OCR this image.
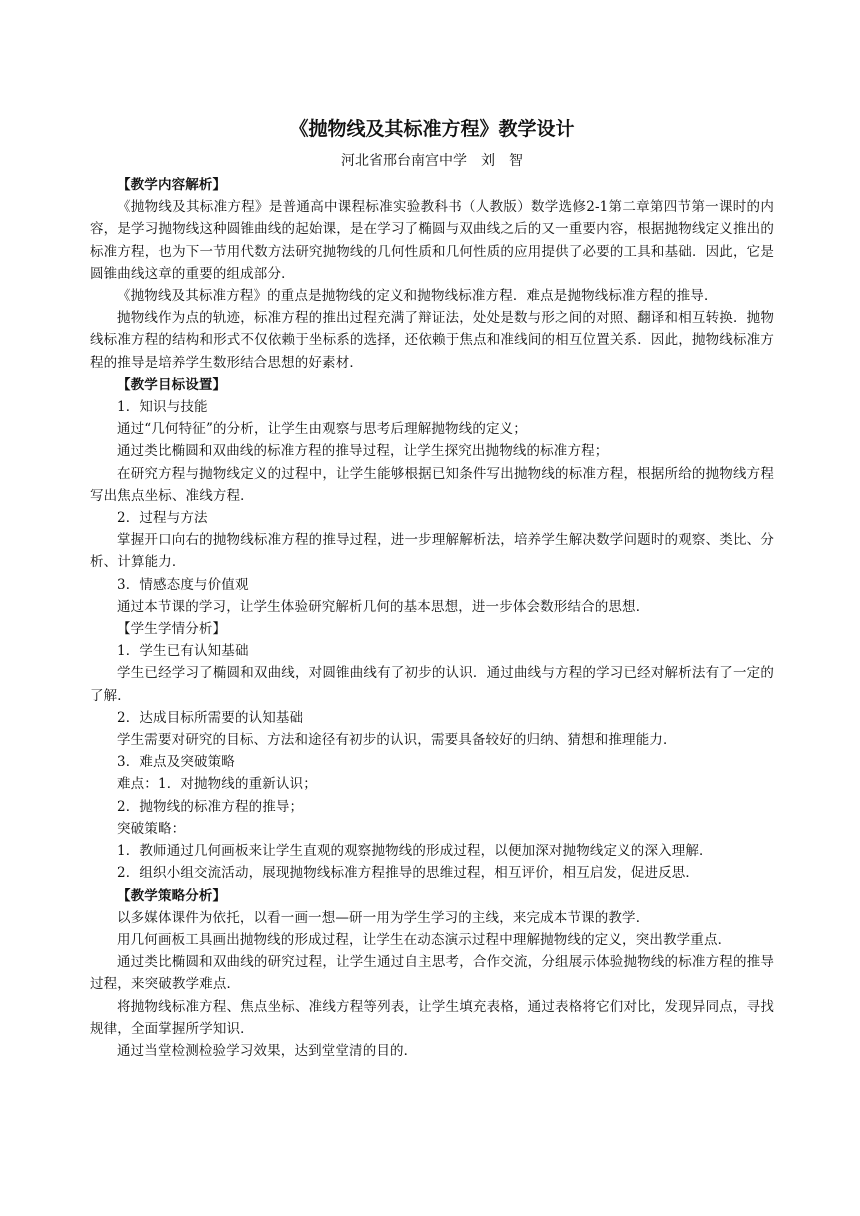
《抛物线及其标准方程》教学设计
河北省邢台南宫中学　刘　智

【教学内容解析】

《抛物线及其标准方程》是普通高中课程标准实验教科书（人教版）数学选修2-1第二章第四节第一课时的内容，是学习抛物线这种圆锥曲线的起始课，是在学习了椭圆与双曲线之后的又一重要内容，根据抛物线定义推出的标准方程，也为下一节用代数方法研究抛物线的几何性质和几何性质的应用提供了必要的工具和基础．因此，它是圆锥曲线这章的重要的组成部分．

《抛物线及其标准方程》的重点是抛物线的定义和抛物线标准方程．难点是抛物线标准方程的推导．

抛物线作为点的轨迹，标准方程的推出过程充满了辩证法，处处是数与形之间的对照、翻译和相互转换．抛物线标准方程的结构和形式不仅依赖于坐标系的选择，还依赖于焦点和准线间的相互位置关系．因此，抛物线标准方程的推导是培养学生数形结合思想的好素材．

【教学目标设置】

1．知识与技能

通过“几何特征”的分析，让学生由观察与思考后理解抛物线的定义；

通过类比椭圆和双曲线的标准方程的推导过程，让学生探究出抛物线的标准方程；

在研究方程与抛物线定义的过程中，让学生能够根据已知条件写出抛物线的标准方程，根据所给的抛物线方程写出焦点坐标、准线方程．

2．过程与方法

掌握开口向右的抛物线标准方程的推导过程，进一步理解解析法，培养学生解决数学问题时的观察、类比、分析、计算能力．

3．情感态度与价值观

通过本节课的学习，让学生体验研究解析几何的基本思想，进一步体会数形结合的思想．

【学生学情分析】

1．学生已有认知基础

学生已经学习了椭圆和双曲线，对圆锥曲线有了初步的认识．通过曲线与方程的学习已经对解析法有了一定的了解．

2．达成目标所需要的认知基础

学生需要对研究的目标、方法和途径有初步的认识，需要具备较好的归纳、猜想和推理能力．

3．难点及突破策略

难点：1．对抛物线的重新认识；

2．抛物线的标准方程的推导；

突破策略：

1．教师通过几何画板来让学生直观的观察抛物线的形成过程，以便加深对抛物线定义的深入理解．

2．组织小组交流活动，展现抛物线标准方程推导的思维过程，相互评价，相互启发，促进反思．

【教学策略分析】

以多媒体课件为依托，以看一画一想—研一用为学生学习的主线，来完成本节课的教学．

用几何画板工具画出抛物线的形成过程，让学生在动态演示过程中理解抛物线的定义，突出教学重点．

通过类比椭圆和双曲线的研究过程，让学生通过自主思考，合作交流，分组展示体验抛物线的标准方程的推导过程，来突破教学难点．

将抛物线标准方程、焦点坐标、准线方程等列表，让学生填充表格，通过表格将它们对比，发现异同点，寻找规律，全面掌握所学知识．

通过当堂检测检验学习效果，达到堂堂清的目的．
